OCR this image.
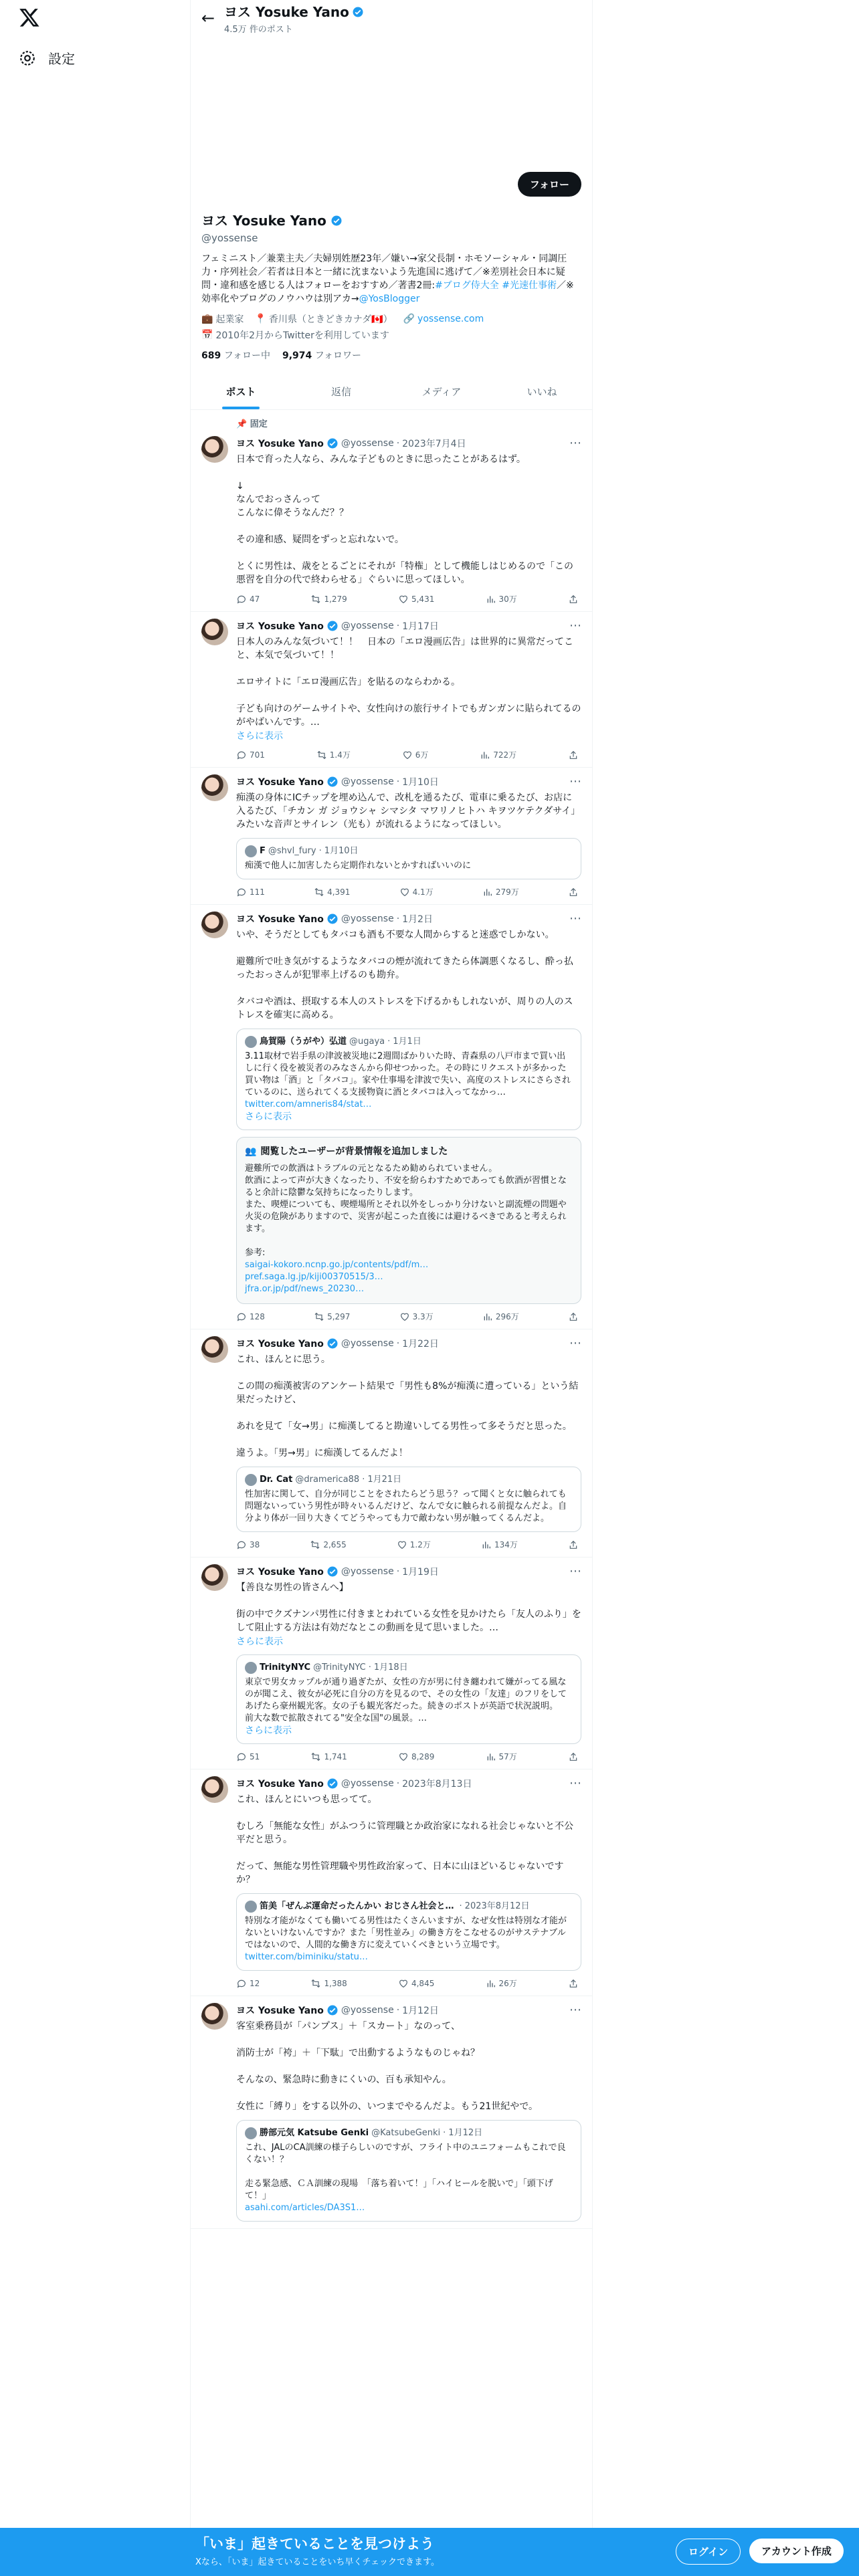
設定
← ヨス Yosuke Yano
4.5万 件のポスト
フォロー
ヨス Yosuke Yano
@yossense
フェミニスト／兼業主夫／夫婦別姓歴23年／嫌い→家父長制・ホモソーシャル・同調圧力・序列社会／若者は日本と一緒に沈まないよう先進国に逃げて／※差別社会日本に疑問・違和感を感じる人はフォローをおすすめ／著書2冊:#ブログ侍大全 #光速仕事術／※効率化やブログのノウハウは別アカ→@YosBlogger
💼 起業家 📍 香川県（ときどきカナダ🇨🇦） 🔗 yossense.com
📅 2010年2月からTwitterを利用しています
689 フォロー中 9,974 フォロワー
ポスト	返信	メディア	いいね
📌 固定
ヨス Yosuke Yano @yossense · 2023年7月4日	⋯
日本で育った人なら、みんな子どものときに思ったことがあるはず。

↓
なんでおっさんって
こんなに偉そうなんだ？？

その違和感、疑問をずっと忘れないで。

とくに男性は、歳をとるごとにそれが「特権」として機能しはじめるので「この悪習を自分の代で終わらせる」ぐらいに思ってほしい。
47	1,279	5,431	30万
ヨス Yosuke Yano @yossense · 1月17日	⋯
日本人のみんな気づいて！！　日本の「エロ漫画広告」は世界的に異常だってこと、本気で気づいて！！

エロサイトに「エロ漫画広告」を貼るのならわかる。

子ども向けのゲームサイトや、女性向けの旅行サイトでもガンガンに貼られてるのがやばいんです。…
さらに表示
701	1.4万	6万	722万
ヨス Yosuke Yano @yossense · 1月10日	⋯
痴漢の身体にICチップを埋め込んで、改札を通るたび、電車に乗るたび、お店に入るたび、「チカン ガ ジョウシャ シマシタ マワリノヒトハ キヲツケテクダサイ」みたいな音声とサイレン（光も）が流れるようになってほしい。
F @shvl_fury · 1月10日
痴漢で他人に加害したら定期作れないとかすればいいのに
111	4,391	4.1万	279万
ヨス Yosuke Yano @yossense · 1月2日	⋯
いや、そうだとしてもタバコも酒も不要な人間からすると迷惑でしかない。

避難所で吐き気がするようなタバコの煙が流れてきたら体調悪くなるし、酔っ払ったおっさんが犯罪率上げるのも勘弁。

タバコや酒は、摂取する本人のストレスを下げるかもしれないが、周りの人のストレスを確実に高める。
鳥賀陽（うがや）弘道 @ugaya · 1月1日
3.11取材で岩手県の津波被災地に2週間ばかりいた時、青森県の八戸市まで買い出しに行く役を被災者のみなさんから仰せつかった。その時にリクエストが多かった買い物は「酒」と「タバコ」。家や仕事場を津波で失い、高度のストレスにさらされているのに、送られてくる支援物資に酒とタバコは入ってなかっ…
twitter.com/amneris84/stat…
さらに表示
👥 閲覧したユーザーが背景情報を追加しました
避難所での飲酒はトラブルの元となるため勧められていません。
飲酒によって声が大きくなったり、不安を紛らわすためであっても飲酒が習慣となると余計に陰鬱な気持ちになったりします。
また、喫煙についても、喫煙場所とそれ以外をしっかり分けないと副流煙の問題や火災の危険がありますので、災害が起こった直後には避けるべきであると考えられます。

参考:
saigai-kokoro.ncnp.go.jp/contents/pdf/m…
pref.saga.lg.jp/kiji00370515/3…
jfra.or.jp/pdf/news_20230…
128	5,297	3.3万	296万
ヨス Yosuke Yano @yossense · 1月22日	⋯
これ、ほんとに思う。

この間の痴漢被害のアンケート結果で「男性も8%が痴漢に遭っている」という結果だったけど、

あれを見て「女→男」に痴漢してると勘違いしてる男性って多そうだと思った。

違うよ。「男→男」に痴漢してるんだよ！
Dr. Cat @dramerica88 · 1月21日
性加害に関して、自分が同じことをされたらどう思う？って聞くと女に触られても問題ないっていう男性が時々いるんだけど、なんで女に触られる前提なんだよ。自分より体が一回り大きくてどうやっても力で敵わない男が触ってくるんだよ。
38	2,655	1.2万	134万
ヨス Yosuke Yano @yossense · 1月19日	⋯
【善良な男性の皆さんへ】

街の中でクズナンパ男性に付きまとわれている女性を見かけたら「友人のふり」をして阻止する方法は有効だなとこの動画を見て思いました。…
さらに表示
TrinityNYC @TrinityNYC · 1月18日
東京で男女カップルが通り過ぎたが、女性の方が男に付き纏われて嫌がってる風なのが聞こえ、彼女が必死に自分の方を見るので、その女性の「友達」のフリをしてあげたら豪州観光客。女の子も観光客だった。続きのポストが英語で状況説明。
前大な数で拡散されてる"安全な国"の風景。…
さらに表示
51	1,741	8,289	57万
ヨス Yosuke Yano @yossense · 2023年8月13日	⋯
これ、ほんとにいつも思ってて。

むしろ「無能な女性」がふつうに管理職とか政治家になれる社会じゃないと不公平だと思う。

だって、無能な男性管理職や男性政治家って、日本に山ほどいるじゃないですか？
笛美「ぜんぶ運命だったんかい おじさん社会と… · 2023年8月12日
特別な才能がなくても働いてる男性はたくさんいますが、なぜ女性は特別な才能がないといけないんですか？また「男性並み」の働き方をこなせるのがサステナブルではないので、人間的な働き方に変えていくべきという立場です。
twitter.com/biminiku/statu…
12	1,388	4,845	26万
ヨス Yosuke Yano @yossense · 1月12日	⋯
客室乗務員が「パンプス」＋「スカート」なのって、

消防士が「袴」＋「下駄」で出動するようなものじゃね？

そんなの、緊急時に動きにくいの、百も承知やん。

女性に「縛り」をする以外の、いつまでやるんだよ。もう21世紀やで。
勝部元気 Katsube Genki @KatsubeGenki · 1月12日
これ、JALのCA訓練の様子らしいのですが、フライト中のユニフォームもこれで良くない！？

走る緊急感、ＣＡ訓練の現場　「落ち着いて！」「ハイヒールを脱いで」「頭下げて！」
asahi.com/articles/DA3S1…
「いま」起きていることを見つけよう
Xなら、「いま」起きていることをいち早くチェックできます。
ログイン	アカウント作成
